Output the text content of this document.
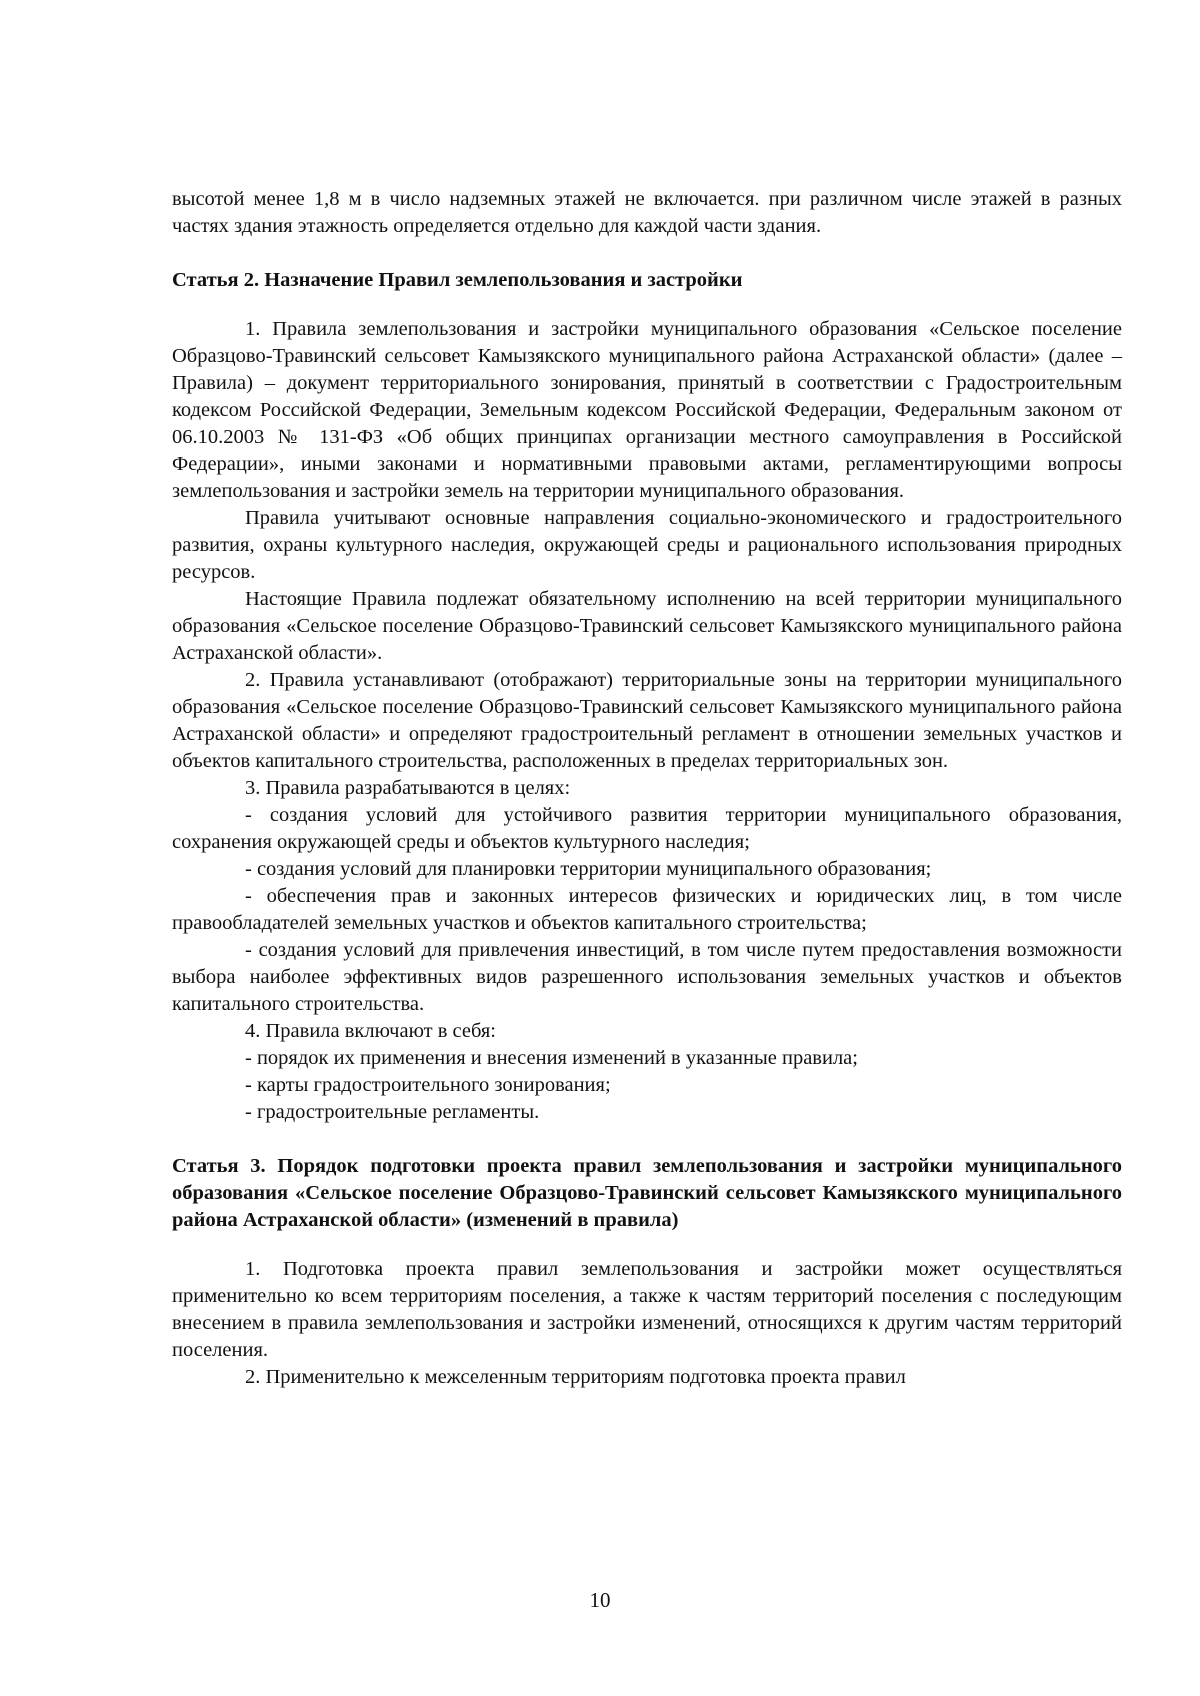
высотой менее 1,8 м в число надземных этажей не включается. при различном числе этажей в разных частях здания этажность определяется отдельно для каждой части здания.

Статья 2. Назначение Правил землепользования и застройки

1. Правила землепользования и застройки муниципального образования «Сельское поселение Образцово-Травинский сельсовет Камызякского муниципального района Астраханской области» (далее – Правила) – документ территориального зонирования, принятый в соответствии с Градостроительным кодексом Российской Федерации, Земельным кодексом Российской Федерации, Федеральным законом от 06.10.2003 № 131-ФЗ «Об общих принципах организации местного самоуправления в Российской Федерации», иными законами и нормативными правовыми актами, регламентирующими вопросы землепользования и застройки земель на территории муниципального образования.

Правила учитывают основные направления социально-экономического и градостроительного развития, охраны культурного наследия, окружающей среды и рационального использования природных ресурсов.

Настоящие Правила подлежат обязательному исполнению на всей территории муниципального образования «Сельское поселение Образцово-Травинский сельсовет Камызякского муниципального района Астраханской области».

2. Правила устанавливают (отображают) территориальные зоны на территории муниципального образования «Сельское поселение Образцово-Травинский сельсовет Камызякского муниципального района Астраханской области» и определяют градостроительный регламент в отношении земельных участков и объектов капитального строительства, расположенных в пределах территориальных зон.

3. Правила разрабатываются в целях:

- создания условий для устойчивого развития территории муниципального образования, сохранения окружающей среды и объектов культурного наследия;

- создания условий для планировки территории муниципального образования;

- обеспечения прав и законных интересов физических и юридических лиц, в том числе правообладателей земельных участков и объектов капитального строительства;

- создания условий для привлечения инвестиций, в том числе путем предоставления возможности выбора наиболее эффективных видов разрешенного использования земельных участков и объектов капитального строительства.

4. Правила включают в себя:

- порядок их применения и внесения изменений в указанные правила;

- карты градостроительного зонирования;

- градостроительные регламенты.

Статья 3. Порядок подготовки проекта правил землепользования и застройки муниципального образования «Сельское поселение Образцово-Травинский сельсовет Камызякского муниципального района Астраханской области» (изменений в правила)

1. Подготовка проекта правил землепользования и застройки может осуществляться применительно ко всем территориям поселения, а также к частям территорий поселения с последующим внесением в правила землепользования и застройки изменений, относящихся к другим частям территорий поселения.

2. Применительно к межселенным территориям подготовка проекта правил

10
